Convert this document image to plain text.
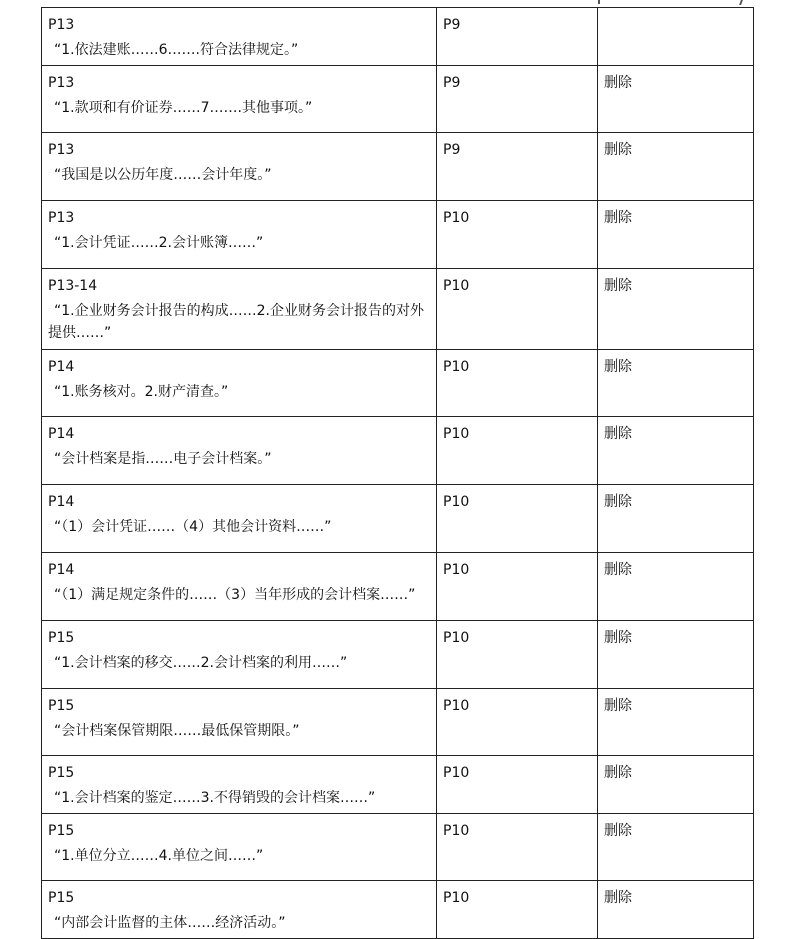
P13
“1.依法建账……6…….符合法律规定。”	P9	

P13
“1.款项和有价证券……7…….其他事项。”	P9	删除

P13
“我国是以公历年度……会计年度。”	P9	删除

P13
“1.会计凭证……2.会计账簿……”	P10	删除

P13-14
“1.企业财务会计报告的构成……2.企业财务会计报告的对外提供……”	P10	删除

P14
“1.账务核对。2.财产清查。”	P10	删除

P14
“会计档案是指……电子会计档案。”	P10	删除

P14
“（1）会计凭证……（4）其他会计资料……”	P10	删除

P14
“（1）满足规定条件的……（3）当年形成的会计档案……”	P10	删除

P15
“1.会计档案的移交……2.会计档案的利用……”	P10	删除

P15
“会计档案保管期限……最低保管期限。”	P10	删除

P15
“1.会计档案的鉴定……3.不得销毁的会计档案……”	P10	删除

P15
“1.单位分立……4.单位之间……”	P10	删除

P15
“内部会计监督的主体……经济活动。”	P10	删除
